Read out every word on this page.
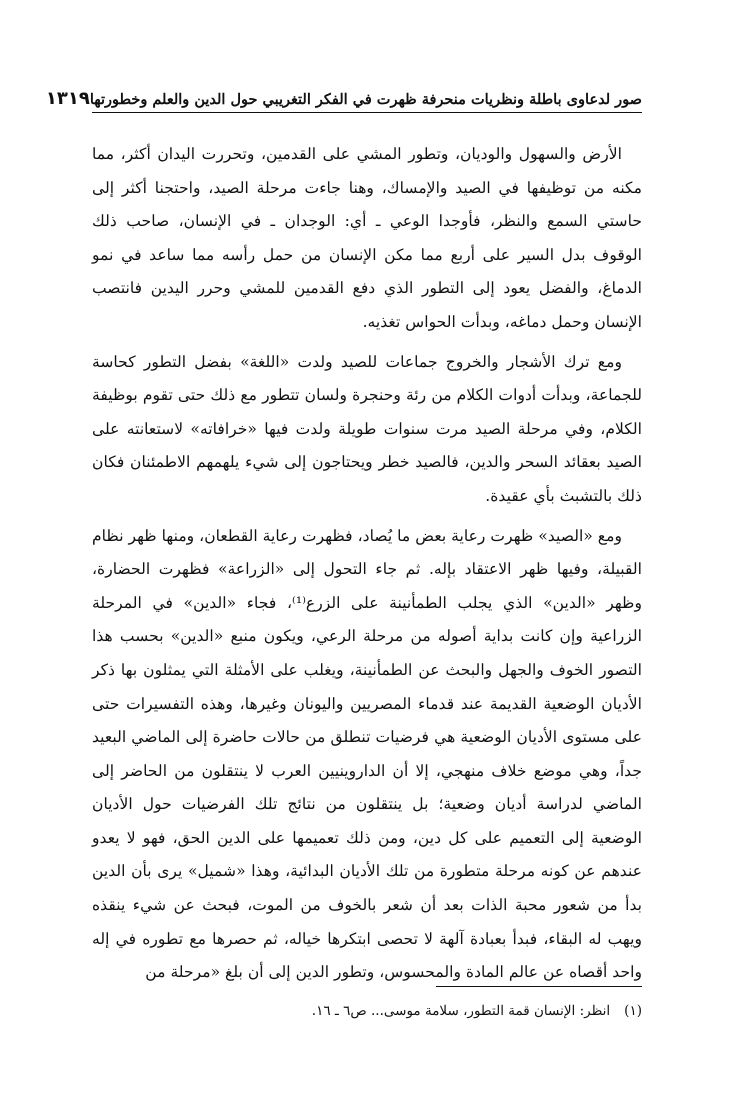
صور لدعاوى باطلة ونظريات منحرفة ظهرت في الفكر التغريبي حول الدين والعلم وخطورتها
١٣١٩

الأرض والسهول والوديان، وتطور المشي على القدمين، وتحررت اليدان أكثر، مما مكنه من توظيفها في الصيد والإمساك، وهنا جاءت مرحلة الصيد، واحتجنا أكثر إلى حاستي السمع والنظر، فأوجدا الوعي ـ أي: الوجدان ـ في الإنسان، صاحب ذلك الوقوف بدل السير على أربع مما مكن الإنسان من حمل رأسه مما ساعد في نمو الدماغ، والفضل يعود إلى التطور الذي دفع القدمين للمشي وحرر اليدين فانتصب الإنسان وحمل دماغه، وبدأت الحواس تغذيه.

ومع ترك الأشجار والخروج جماعات للصيد ولدت «اللغة» بفضل التطور كحاسة للجماعة، وبدأت أدوات الكلام من رئة وحنجرة ولسان تتطور مع ذلك حتى تقوم بوظيفة الكلام، وفي مرحلة الصيد مرت سنوات طويلة ولدت فيها «خرافاته» لاستعانته على الصيد بعقائد السحر والدين، فالصيد خطر ويحتاجون إلى شيء يلهمهم الاطمئنان فكان ذلك بالتشبث بأي عقيدة.

ومع «الصيد» ظهرت رعاية بعض ما يُصاد، فظهرت رعاية القطعان، ومنها ظهر نظام القبيلة، وفيها ظهر الاعتقاد بإله. ثم جاء التحول إلى «الزراعة» فظهرت الحضارة، وظهر «الدين» الذي يجلب الطمأنينة على الزرع⁽¹⁾، فجاء «الدين» في المرحلة الزراعية وإن كانت بداية أصوله من مرحلة الرعي، ويكون منبع «الدين» بحسب هذا التصور الخوف والجهل والبحث عن الطمأنينة، ويغلب على الأمثلة التي يمثلون بها ذكر الأديان الوضعية القديمة عند قدماء المصريين واليونان وغيرها، وهذه التفسيرات حتى على مستوى الأديان الوضعية هي فرضيات تنطلق من حالات حاضرة إلى الماضي البعيد جداً، وهي موضع خلاف منهجي، إلا أن الداروينيين العرب لا ينتقلون من الحاضر إلى الماضي لدراسة أديان وضعية؛ بل ينتقلون من نتائج تلك الفرضيات حول الأديان الوضعية إلى التعميم على كل دين، ومن ذلك تعميمها على الدين الحق، فهو لا يعدو عندهم عن كونه مرحلة متطورة من تلك الأديان البدائية، وهذا «شميل» يرى بأن الدين بدأ من شعور محبة الذات بعد أن شعر بالخوف من الموت، فبحث عن شيء ينقذه ويهب له البقاء، فبدأ بعبادة آلهة لا تحصى ابتكرها خياله، ثم حصرها مع تطوره في إله واحد أقصاه عن عالم المادة والمحسوس، وتطور الدين إلى أن بلغ «مرحلة من

(١)انظر: الإنسان قمة التطور، سلامة موسى... ص٦ ـ ١٦.
